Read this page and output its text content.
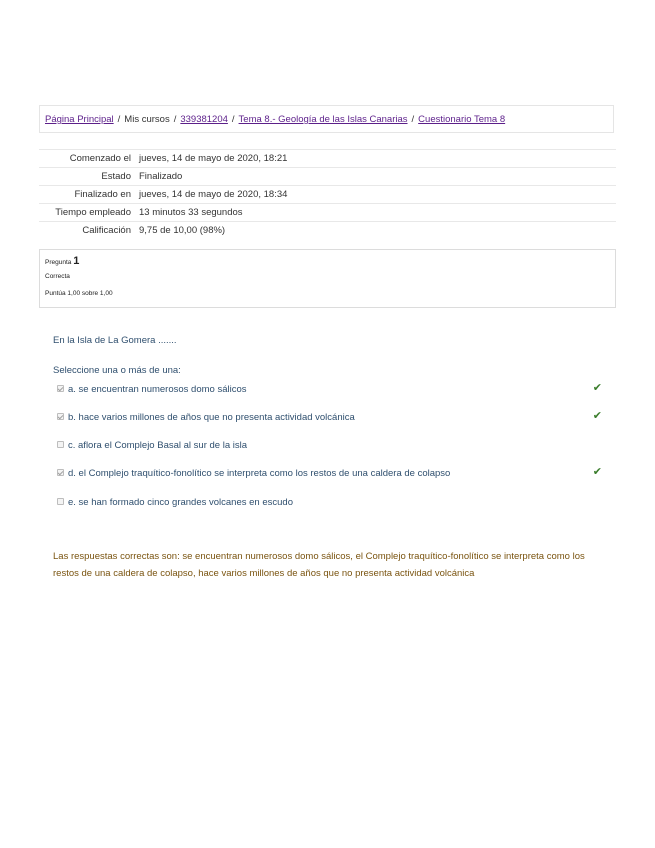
Página Principal / Mis cursos / 339381204 / Tema 8.- Geología de las Islas Canarias / Cuestionario Tema 8
Comenzado el	jueves, 14 de mayo de 2020, 18:21
Estado	Finalizado
Finalizado en	jueves, 14 de mayo de 2020, 18:34
Tiempo empleado	13 minutos 33 segundos
Calificación	9,75 de 10,00 (98%)
Pregunta 1
Correcta
Puntúa 1,00 sobre 1,00
En la Isla de La Gomera .......
Seleccione una o más de una:
a. se encuentran numerosos domo sálicos	✔
b. hace varios millones de años que no presenta actividad volcánica	✔
c. aflora el Complejo Basal al sur de la isla
d. el Complejo traquítico-fonolítico se interpreta como los restos de una caldera de colapso	✔
e. se han formado cinco grandes volcanes en escudo
Las respuestas correctas son: se encuentran numerosos domo sálicos, el Complejo traquítico-fonolítico se interpreta como los restos de una caldera de colapso, hace varios millones de años que no presenta actividad volcánica
